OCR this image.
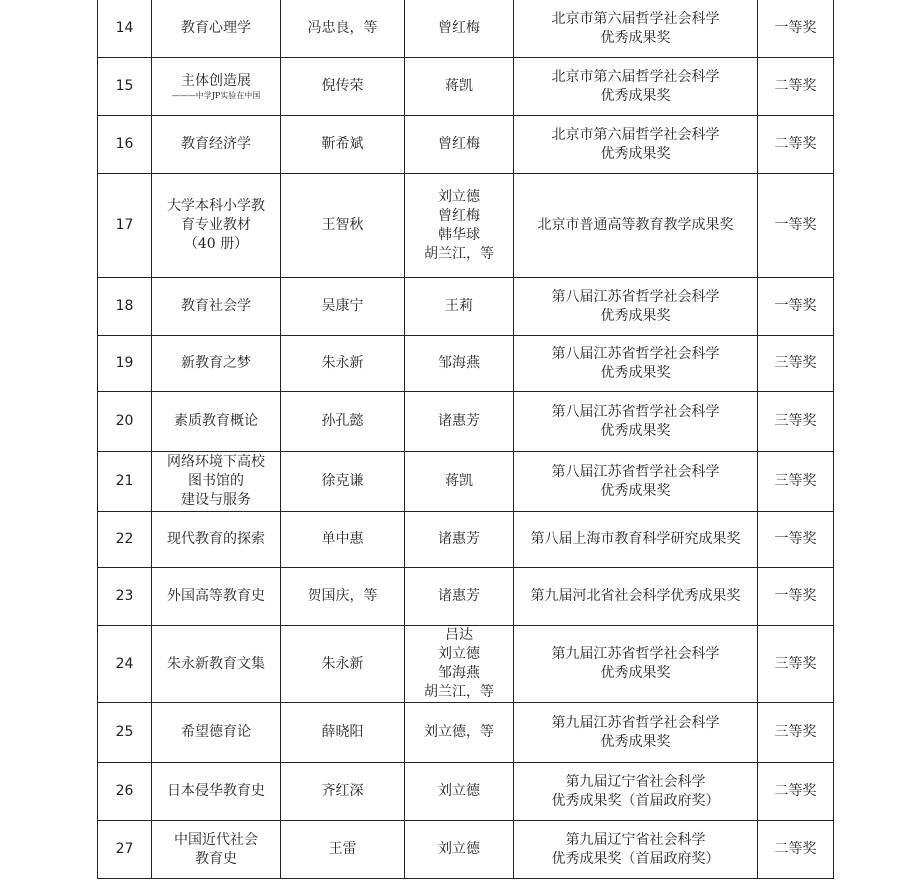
14	教育心理学	冯忠良，等	曾红梅	北京市第六届哲学社会科学
优秀成果奖	一等奖
15	主体创造展
———中学JP实验在中国	倪传荣	蒋凯	北京市第六届哲学社会科学
优秀成果奖	二等奖
16	教育经济学	靳希斌	曾红梅	北京市第六届哲学社会科学
优秀成果奖	二等奖
17	大学本科小学教
育专业教材
（40 册）	王智秋	刘立德
曾红梅
韩华球
胡兰江，等	北京市普通高等教育教学成果奖	一等奖
18	教育社会学	吴康宁	王莉	第八届江苏省哲学社会科学
优秀成果奖	一等奖
19	新教育之梦	朱永新	邹海燕	第八届江苏省哲学社会科学
优秀成果奖	三等奖
20	素质教育概论	孙孔懿	诸惠芳	第八届江苏省哲学社会科学
优秀成果奖	三等奖
21	网络环境下高校
图书馆的
建设与服务	徐克谦	蒋凯	第八届江苏省哲学社会科学
优秀成果奖	三等奖
22	现代教育的探索	单中惠	诸惠芳	第八届上海市教育科学研究成果奖	一等奖
23	外国高等教育史	贺国庆，等	诸惠芳	第九届河北省社会科学优秀成果奖	一等奖
24	朱永新教育文集	朱永新	吕达
刘立德
邹海燕
胡兰江，等	第九届江苏省哲学社会科学
优秀成果奖	三等奖
25	希望德育论	薛晓阳	刘立德，等	第九届江苏省哲学社会科学
优秀成果奖	三等奖
26	日本侵华教育史	齐红深	刘立德	第九届辽宁省社会科学
优秀成果奖（首届政府奖）	二等奖
27	中国近代社会
教育史	王雷	刘立德	第九届辽宁省社会科学
优秀成果奖（首届政府奖）	二等奖
